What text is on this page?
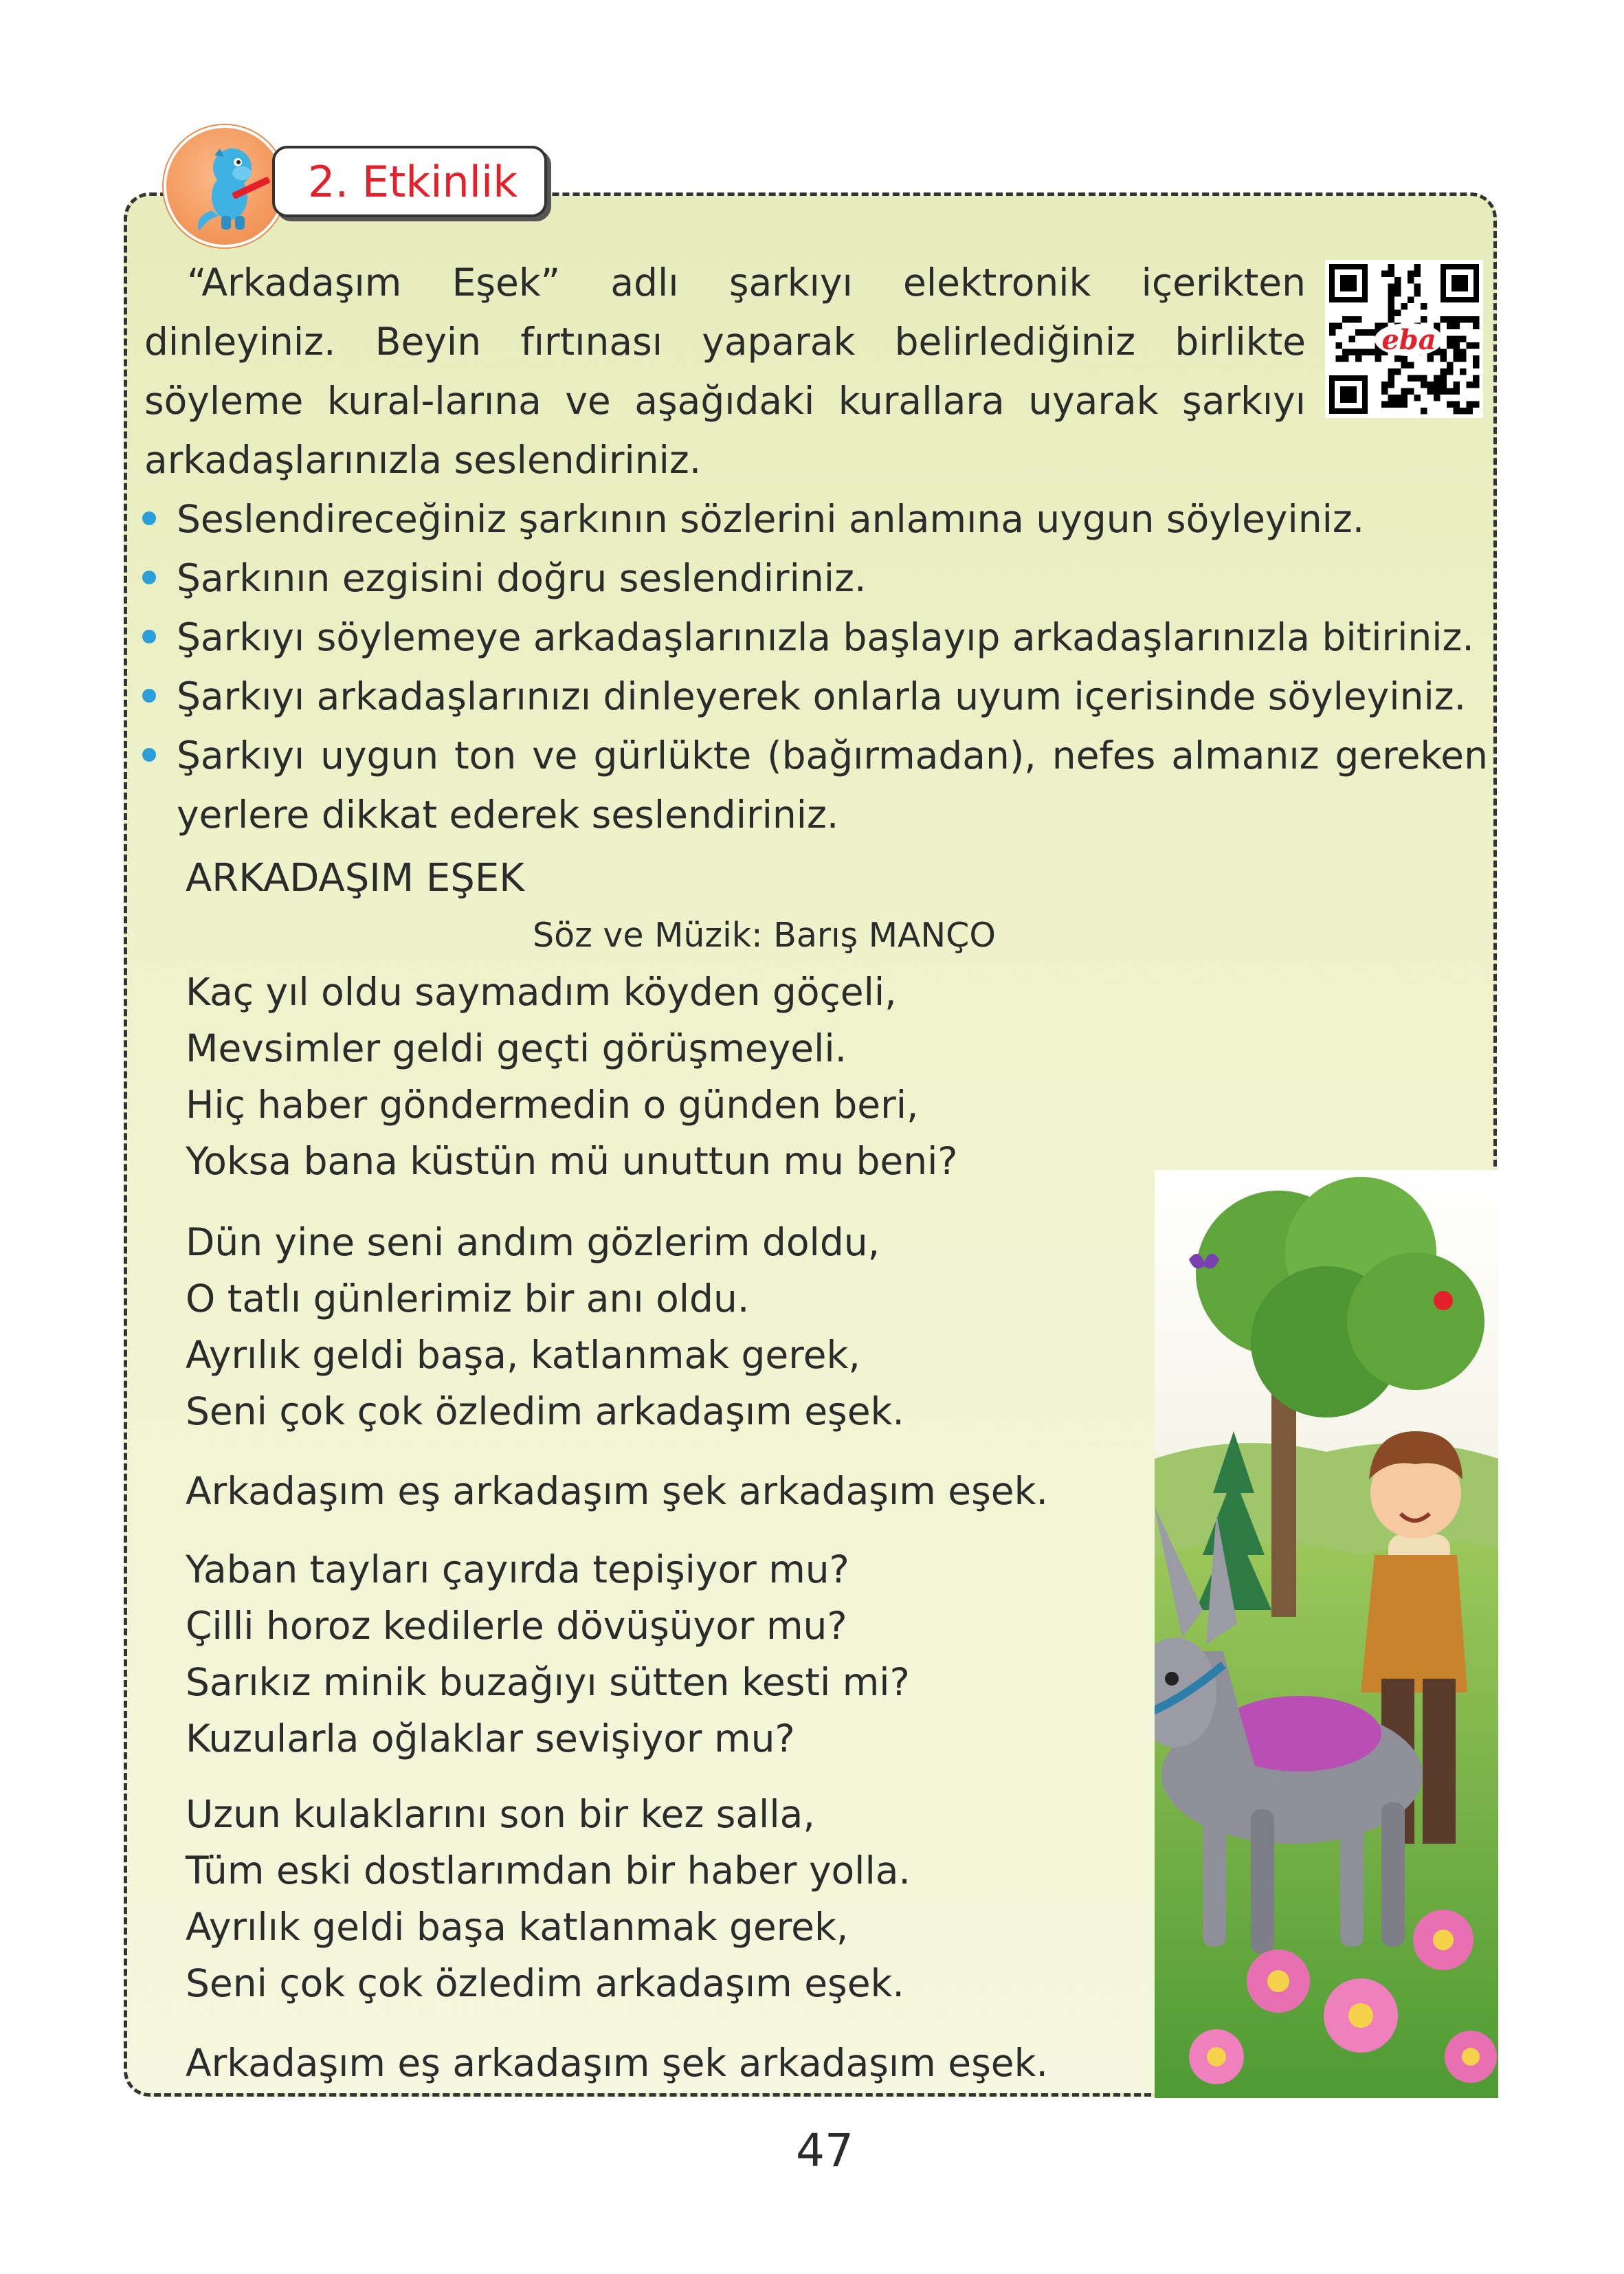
2. Etkinlik

“Arkadaşım Eşek” adlı şarkıyı elektronik içerikten dinleyiniz. Beyin fırtınası yaparak belirlediğiniz birlikte söyleme kural-larına ve aşağıdaki kurallara uyarak şarkıyı arkadaşlarınızla seslendiriniz.

eba
Seslendireceğiniz şarkının sözlerini anlamına uygun söyleyiniz.
Şarkının ezgisini doğru seslendiriniz.
Şarkıyı söylemeye arkadaşlarınızla başlayıp arkadaşlarınızla bitiriniz.
Şarkıyı arkadaşlarınızı dinleyerek onlarla uyum içerisinde söyleyiniz.
Şarkıyı uygun ton ve gürlükte (bağırmadan), nefes almanız gereken yerlere dikkat ederek seslendiriniz.
ARKADAŞIM EŞEK
Söz ve Müzik: Barış MANÇO
Kaç yıl oldu saymadım köyden göçeli,
Mevsimler geldi geçti görüşmeyeli.
Hiç haber göndermedin o günden beri,
Yoksa bana küstün mü unuttun mu beni?
Dün yine seni andım gözlerim doldu,
O tatlı günlerimiz bir anı oldu.
Ayrılık geldi başa, katlanmak gerek,
Seni çok çok özledim arkadaşım eşek.
Arkadaşım eş arkadaşım şek arkadaşım eşek.
Yaban tayları çayırda tepişiyor mu?
Çilli horoz kedilerle dövüşüyor mu?
Sarıkız minik buzağıyı sütten kesti mi?
Kuzularla oğlaklar sevişiyor mu?
Uzun kulaklarını son bir kez salla,
Tüm eski dostlarımdan bir haber yolla.
Ayrılık geldi başa katlanmak gerek,
Seni çok çok özledim arkadaşım eşek.
Arkadaşım eş arkadaşım şek arkadaşım eşek.
47
